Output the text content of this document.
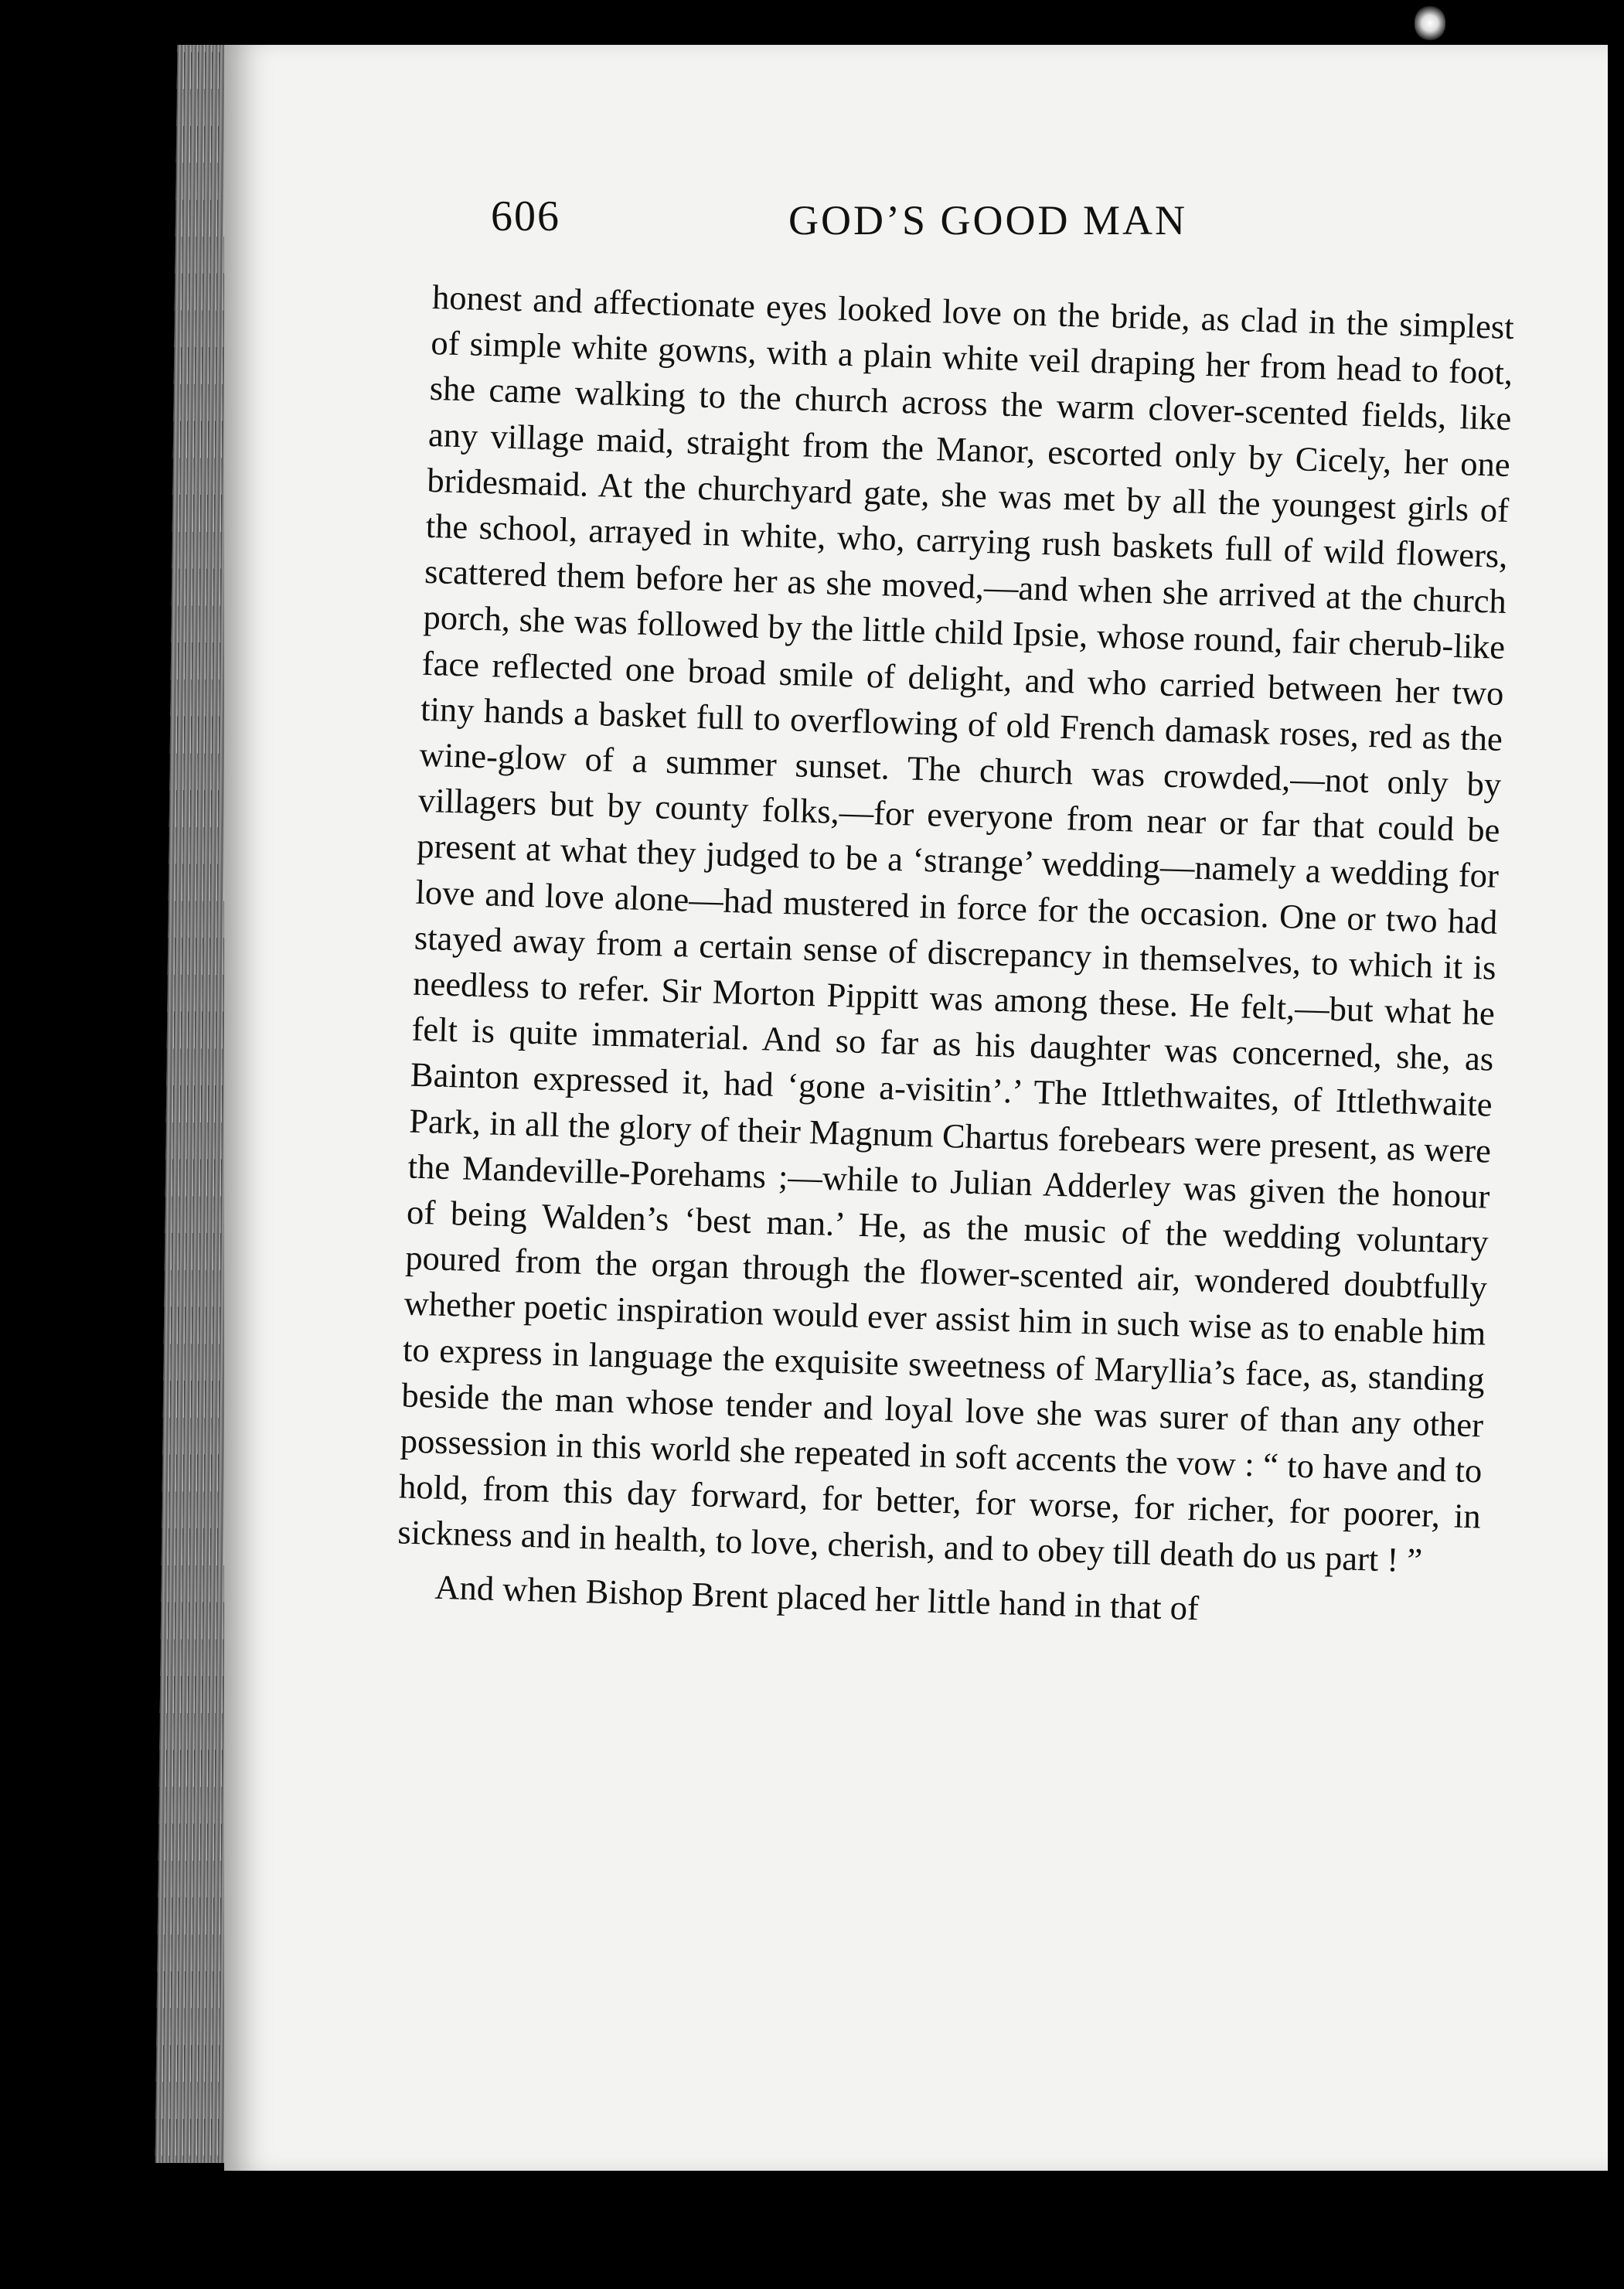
606	GOD’S GOOD MAN

honest and affectionate eyes looked love on the bride, as clad in the simplest of simple white gowns, with a plain white veil draping her from head to foot, she came walking to the church across the warm clover-scented fields, like any village maid, straight from the Manor, escorted only by Cicely, her one bridesmaid. At the churchyard gate, she was met by all the youngest girls of the school, arrayed in white, who, carrying rush baskets full of wild flowers, scattered them before her as she moved,—and when she arrived at the church porch, she was followed by the little child Ipsie, whose round, fair cherub-like face reflected one broad smile of delight, and who carried between her two tiny hands a basket full to overflowing of old French damask roses, red as the wine-glow of a summer sunset. The church was crowded,—not only by villagers but by county folks,—for everyone from near or far that could be present at what they judged to be a ‘strange’ wedding—namely a wedding for love and love alone—had mustered in force for the occasion. One or two had stayed away from a certain sense of discrepancy in themselves, to which it is needless to refer. Sir Morton Pippitt was among these. He felt,—but what he felt is quite immaterial. And so far as his daughter was concerned, she, as Bainton expressed it, had ‘gone a-visitin’.’ The Ittlethwaites, of Ittlethwaite Park, in all the glory of their Magnum Chartus forebears were present, as were the Mandeville-Porehams ;—while to Julian Adderley was given the honour of being Walden’s ‘best man.’ He, as the music of the wedding voluntary poured from the organ through the flower-scented air, wondered doubtfully whether poetic inspiration would ever assist him in such wise as to enable him to express in language the exquisite sweetness of Maryllia’s face, as, standing beside the man whose tender and loyal love she was surer of than any other possession in this world she repeated in soft accents the vow : “ to have and to hold, from this day forward, for better, for worse, for richer, for poorer, in sickness and in health, to love, cherish, and to obey till death do us part ! ”

And when Bishop Brent placed her little hand in that of
